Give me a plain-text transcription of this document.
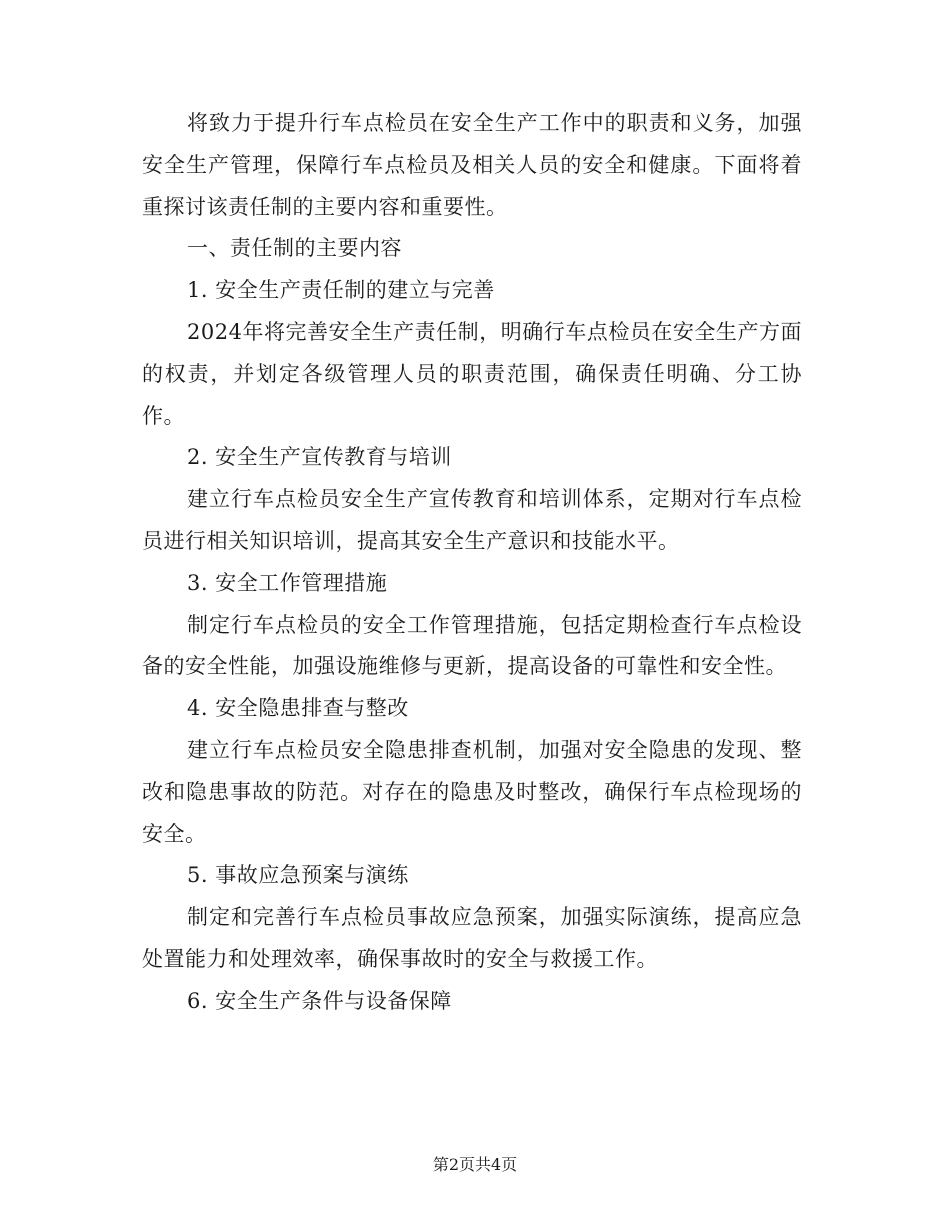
将致力于提升行车点检员在安全生产工作中的职责和义务，加强安全生产管理，保障行车点检员及相关人员的安全和健康。下面将着重探讨该责任制的主要内容和重要性。

一、责任制的主要内容

1. 安全生产责任制的建立与完善

2024年将完善安全生产责任制，明确行车点检员在安全生产方面的权责，并划定各级管理人员的职责范围，确保责任明确、分工协作。

2. 安全生产宣传教育与培训

建立行车点检员安全生产宣传教育和培训体系，定期对行车点检员进行相关知识培训，提高其安全生产意识和技能水平。

3. 安全工作管理措施

制定行车点检员的安全工作管理措施，包括定期检查行车点检设备的安全性能，加强设施维修与更新，提高设备的可靠性和安全性。

4. 安全隐患排查与整改

建立行车点检员安全隐患排查机制，加强对安全隐患的发现、整改和隐患事故的防范。对存在的隐患及时整改，确保行车点检现场的安全。

5. 事故应急预案与演练

制定和完善行车点检员事故应急预案，加强实际演练，提高应急处置能力和处理效率，确保事故时的安全与救援工作。

6. 安全生产条件与设备保障

第2页共4页
